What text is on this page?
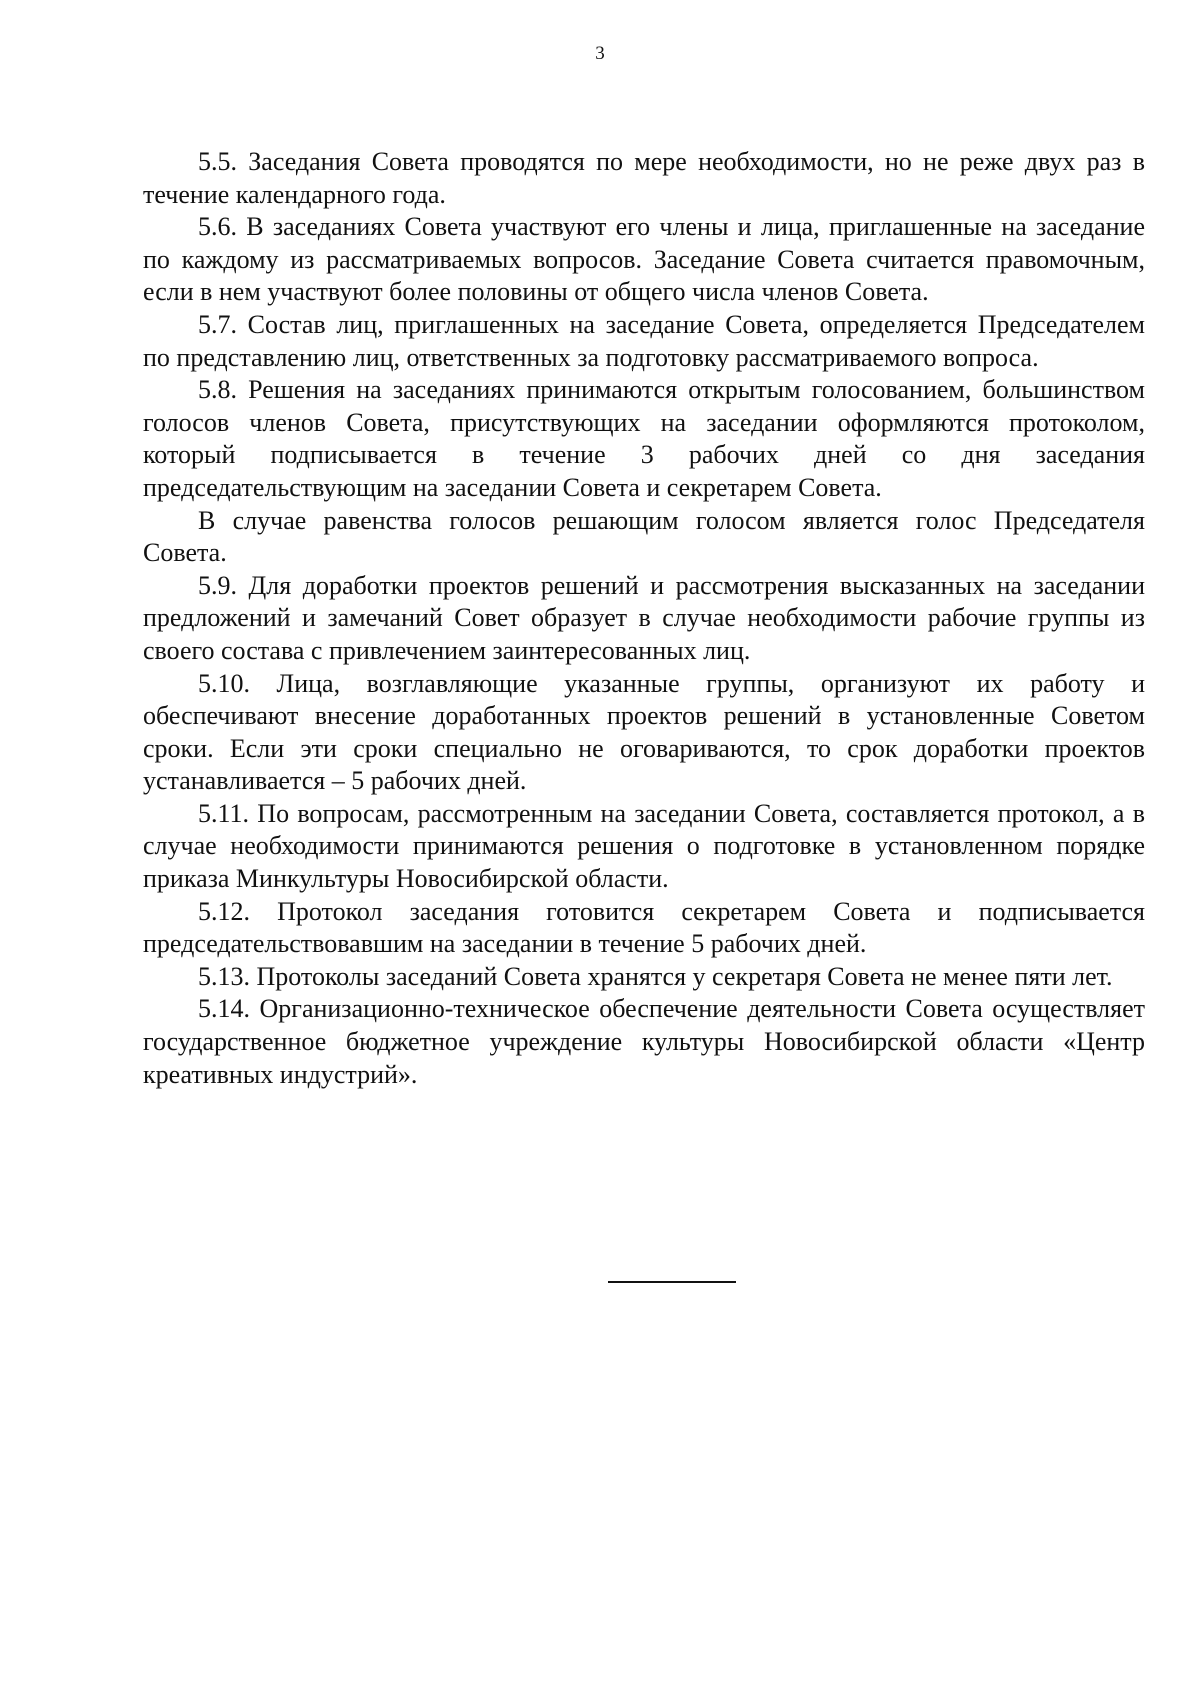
3

5.5. Заседания Совета проводятся по мере необходимости, но не реже двух раз в течение календарного года.

5.6. В заседаниях Совета участвуют его члены и лица, приглашенные на заседание по каждому из рассматриваемых вопросов. Заседание Совета считается правомочным, если в нем участвуют более половины от общего числа членов Совета.

5.7. Состав лиц, приглашенных на заседание Совета, определяется Председателем по представлению лиц, ответственных за подготовку рассматриваемого вопроса.

5.8. Решения на заседаниях принимаются открытым голосованием, большинством голосов членов Совета, присутствующих на заседании оформляются протоколом, который подписывается в течение 3 рабочих дней со дня заседания председательствующим на заседании Совета и секретарем Совета.

В случае равенства голосов решающим голосом является голос Председателя Совета.

5.9. Для доработки проектов решений и рассмотрения высказанных на заседании предложений и замечаний Совет образует в случае необходимости рабочие группы из своего состава с привлечением заинтересованных лиц.

5.10. Лица, возглавляющие указанные группы, организуют их работу и обеспечивают внесение доработанных проектов решений в установленные Советом сроки. Если эти сроки специально не оговариваются, то срок доработки проектов устанавливается – 5 рабочих дней.

5.11. По вопросам, рассмотренным на заседании Совета, составляется протокол, а в случае необходимости принимаются решения о подготовке в установленном порядке приказа Минкультуры Новосибирской области.

5.12. Протокол заседания готовится секретарем Совета и подписывается председательствовавшим на заседании в течение 5 рабочих дней.

5.13. Протоколы заседаний Совета хранятся у секретаря Совета не менее пяти лет.

5.14. Организационно-техническое обеспечение деятельности Совета осуществляет государственное бюджетное учреждение культуры Новосибирской области «Центр креативных индустрий».
